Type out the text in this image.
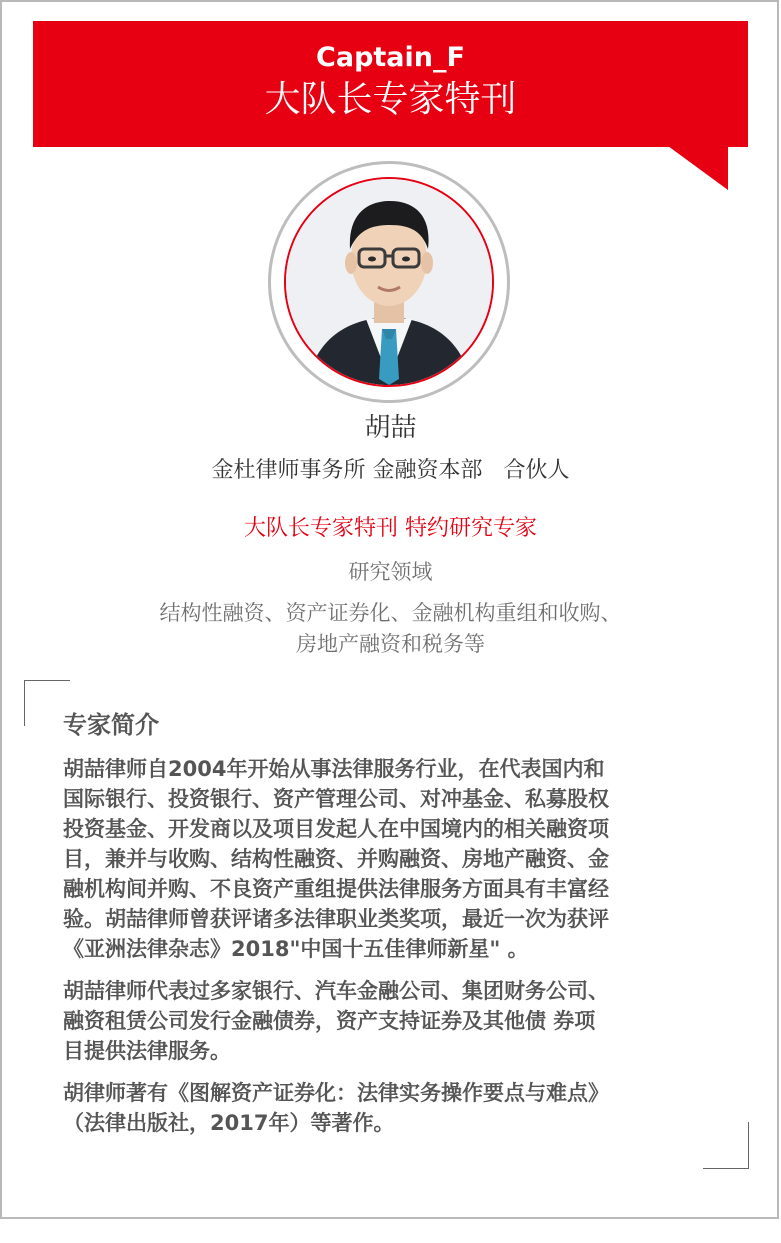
Captain_F
大队长专家特刊
胡喆
金杜律师事务所 金融资本部   合伙人
大队长专家特刊 特约研究专家
研究领域
结构性融资、资产证券化、金融机构重组和收购、
房地产融资和税务等
专家简介
胡喆律师自2004年开始从事法律服务行业，在代表国内和
国际银行、投资银行、资产管理公司、对冲基金、私募股权
投资基金、开发商以及项目发起人在中国境内的相关融资项
目，兼并与收购、结构性融资、并购融资、房地产融资、金
融机构间并购、不良资产重组提供法律服务方面具有丰富经
验。胡喆律师曾获评诸多法律职业类奖项，最近一次为获评
《亚洲法律杂志》2018"中国十五佳律师新星" 。
胡喆律师代表过多家银行、汽车金融公司、集团财务公司、
融资租赁公司发行金融债券，资产支持证券及其他债 券项
目提供法律服务。
胡律师著有《图解资产证券化：法律实务操作要点与难点》
（法律出版社，2017年）等著作。
